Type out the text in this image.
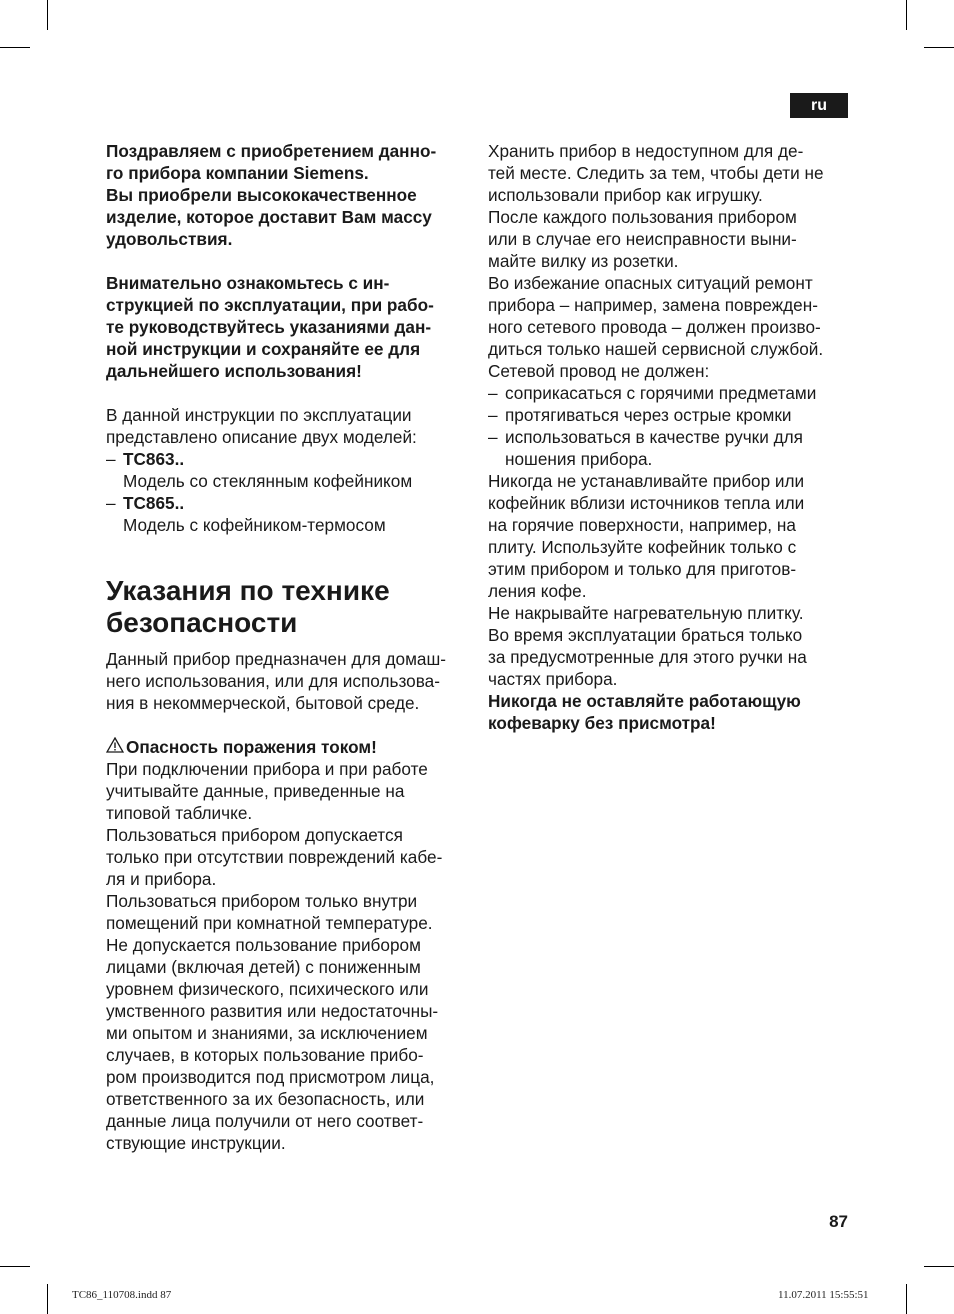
ru
Поздравляем с приобретением данно-
го прибора компании Siemens.
Вы приобрели высококачественное
изделие, которое доставит Вам массу
удовольствия.
Внимательно ознакомьтесь с ин-
струкцией по эксплуатации, при рабо-
те руководствуйтесь указаниями дан-
ной инструкции и сохраняйте ее для
дальнейшего использования!
В данной инструкции по эксплуатации
представлено описание двух моделей:
– TC863..
Модель со стеклянным кофейником
– TC865..
Модель с кофейником-термосом
Указания по технике
безопасности
Данный прибор предназначен для домаш-
него использования, или для использова-
ния в некоммерческой, бытовой среде.
Опасность поражения током!
При подключении прибора и при работе
учитывайте данные, приведенные на
типовой табличке.
Пользоваться прибором допускается
только при отсутствии повреждений кабе-
ля и прибора.
Пользоваться прибором только внутри
помещений при комнатной температуре.
Не допускается пользование прибором
лицами (включая детей) с пониженным
уровнем физического, психического или
умственного развития или недостаточны-
ми опытом и знаниями, за исключением
случаев, в которых пользование прибо-
ром производится под присмотром лица,
ответственного за их безопасность, или
данные лица получили от него соответ-
ствующие инструкции.
Хранить прибор в недоступном для де-
тей месте. Следить за тем, чтобы дети не
использовали прибор как игрушку.
После каждого пользования прибором
или в случае его неисправности выни-
майте вилку из розетки.
Во избежание опасных ситуаций ремонт
прибора – например, замена поврежден-
ного сетевого провода – должен произво-
диться только нашей сервисной службой.
Сетевой провод не должен:
– соприкасаться с горячими предметами
– протягиваться через острые кромки
– использоваться в качестве ручки для
ношения прибора.
Никогда не устанавливайте прибор или
кофейник вблизи источников тепла или
на горячие поверхности, например, на
плиту. Используйте кофейник только с
этим прибором и только для приготов-
ления кофе.
Не накрывайте нагревательную плитку.
Во время эксплуатации браться только
за предусмотренные для этого ручки на
частях прибора.
Никогда не оставляйте работающую
кофеварку без присмотра!
87
TC86_110708.indd 87	11.07.2011 15:55:51
